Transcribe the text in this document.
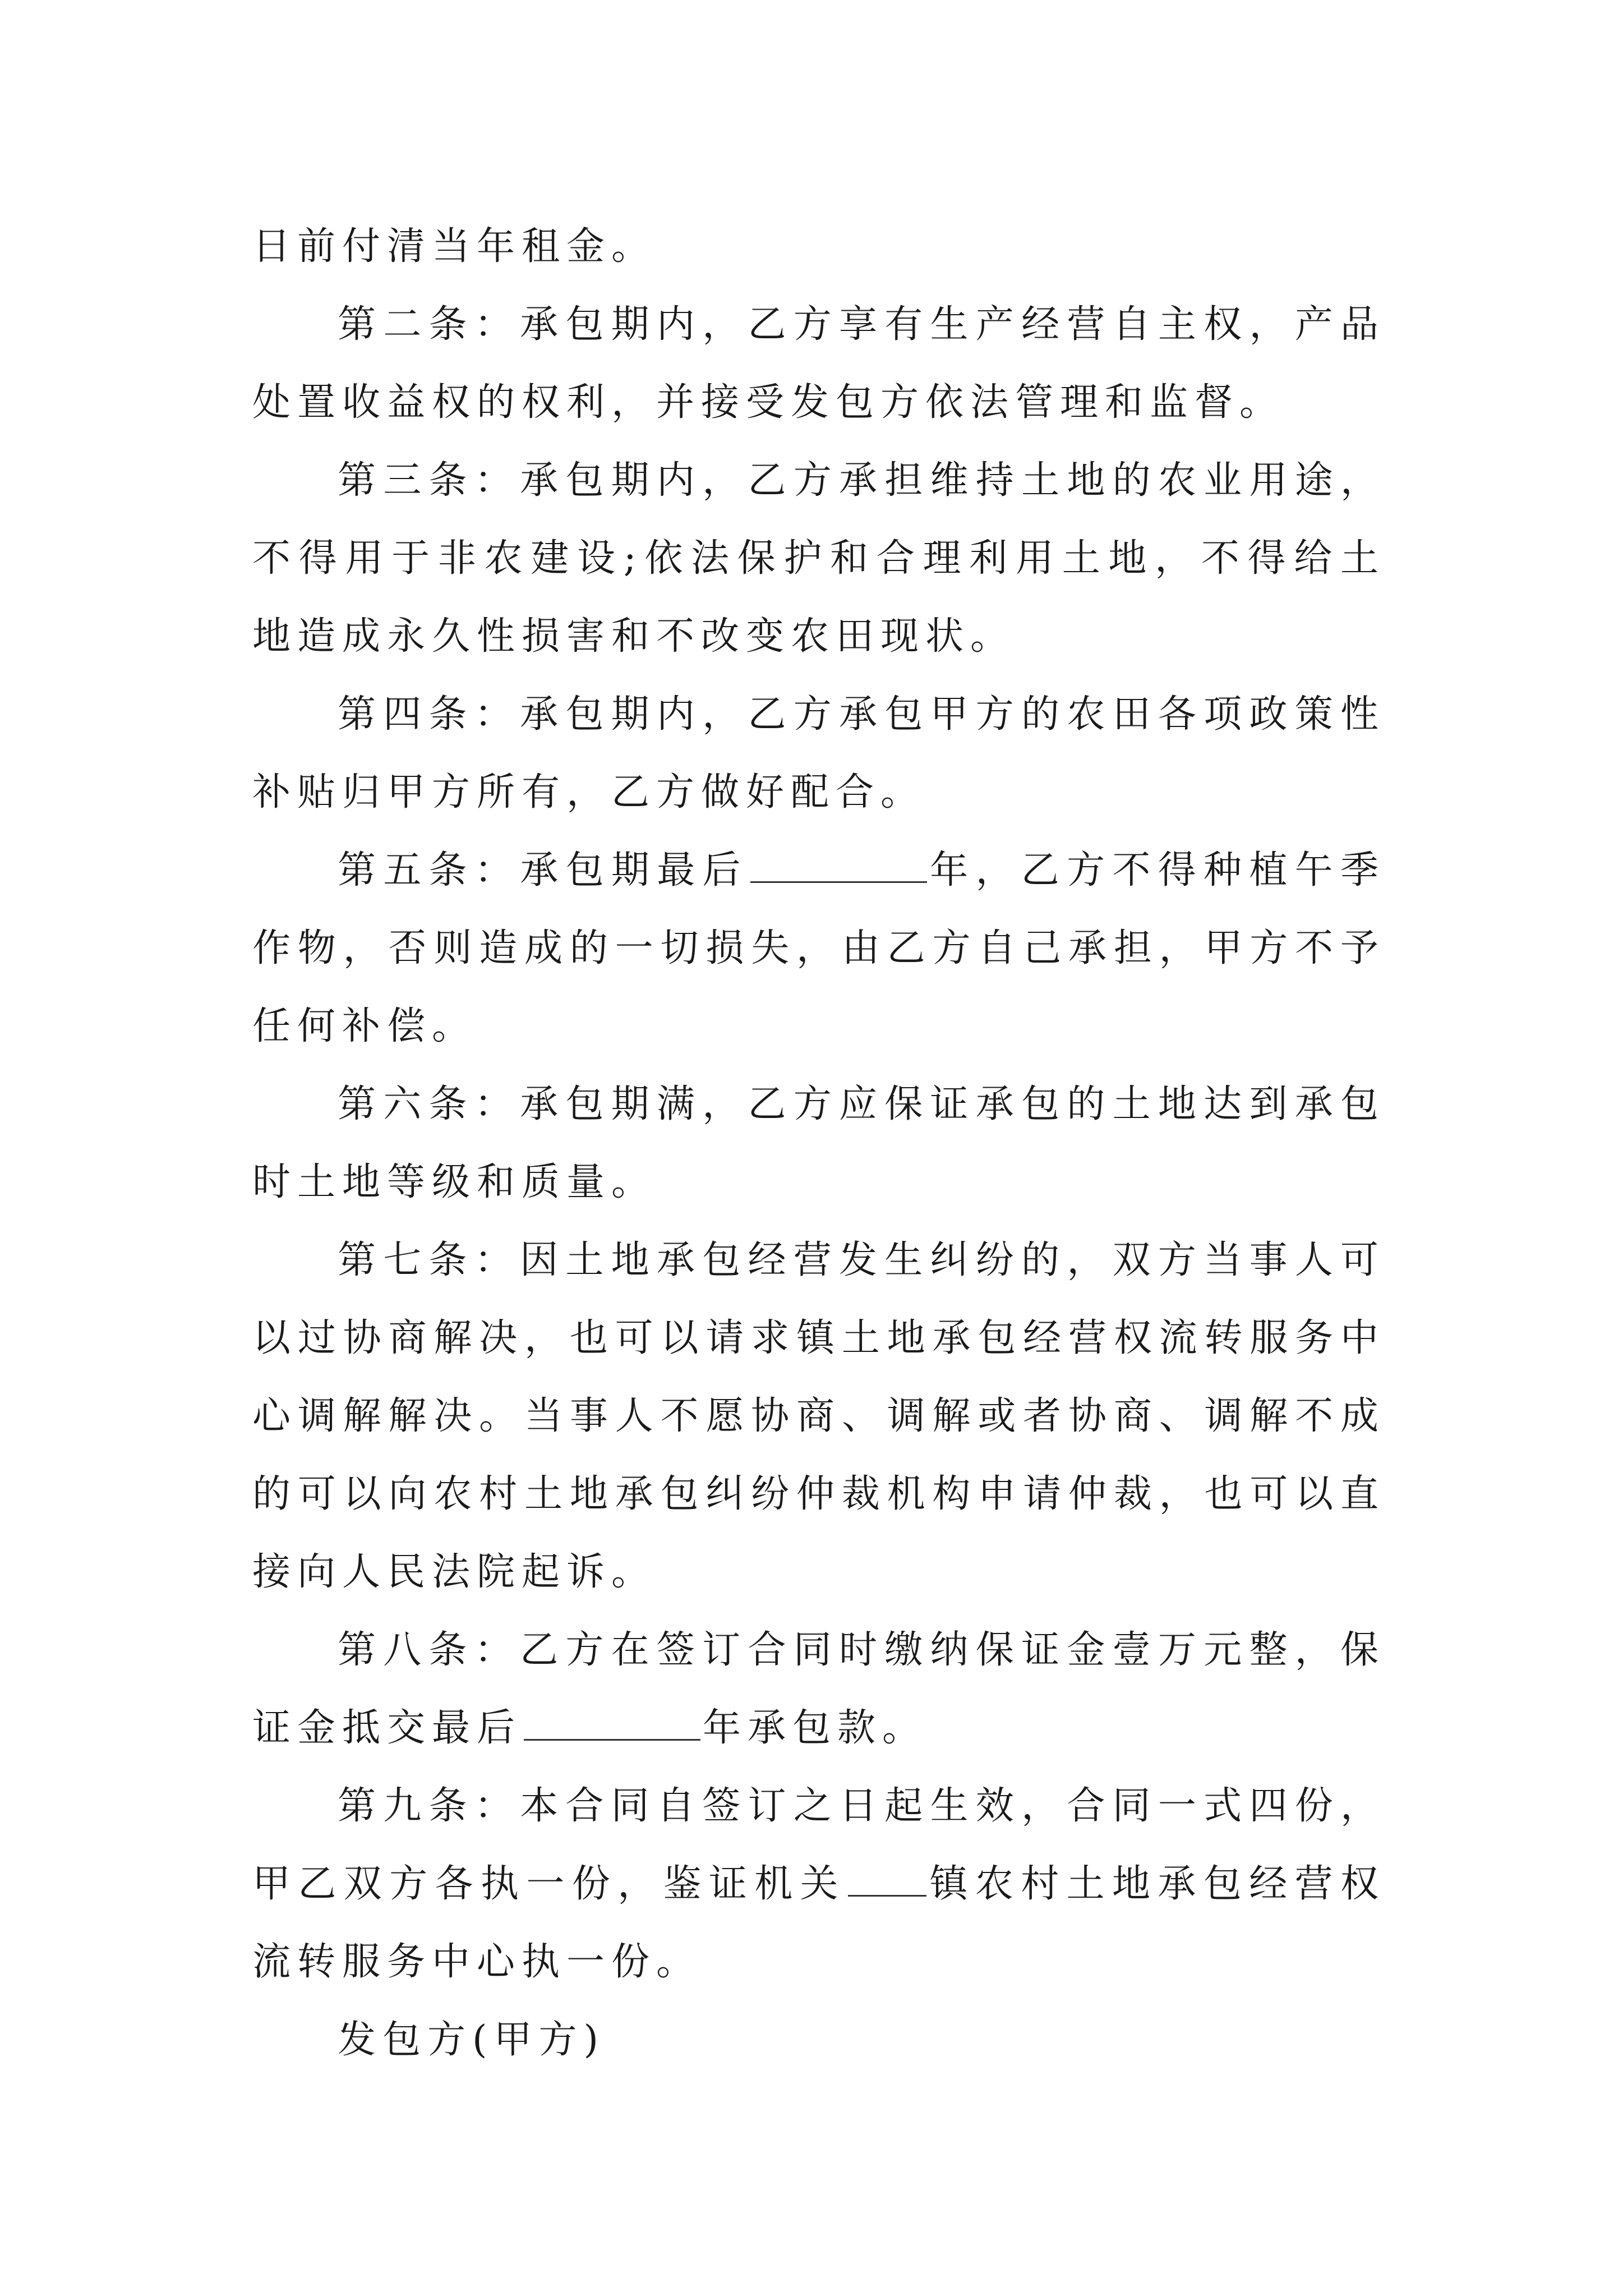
日前付清当年租金。

第二条：承包期内，乙方享有生产经营自主权，产品处置收益权的权利，并接受发包方依法管理和监督。

第三条：承包期内，乙方承担维持土地的农业用途，不得用于非农建设;依法保护和合理利用土地，不得给土地造成永久性损害和不改变农田现状。

第四条：承包期内，乙方承包甲方的农田各项政策性补贴归甲方所有，乙方做好配合。

第五条：承包期最后	年，乙方不得种植午季作物，否则造成的一切损失，由乙方自己承担，甲方不予任何补偿。

第六条：承包期满，乙方应保证承包的土地达到承包时土地等级和质量。

第七条：因土地承包经营发生纠纷的，双方当事人可以过协商解决，也可以请求镇土地承包经营权流转服务中心调解解决。当事人不愿协商、调解或者协商、调解不成的可以向农村土地承包纠纷仲裁机构申请仲裁，也可以直接向人民法院起诉。

第八条：乙方在签订合同时缴纳保证金壹万元整，保证金抵交最后	年承包款。

第九条：本合同自签订之日起生效，合同一式四份，甲乙双方各执一份，鉴证机关 镇农村土地承包经营权流转服务中心执一份。

发包方(甲方)
